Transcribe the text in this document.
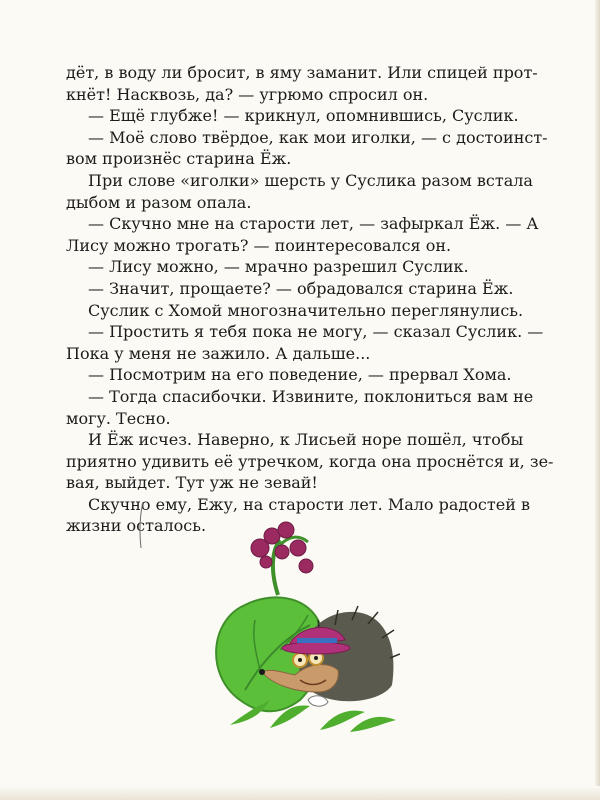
дёт, в воду ли бросит, в яму заманит. Или спицей прот-
кнёт! Насквозь, да? — угрюмо спросил он.

— Ещё глубже! — крикнул, опомнившись, Суслик.

— Моё слово твёрдое, как мои иголки, — с достоинст-
вом произнёс старина Ёж.

При слове «иголки» шерсть у Суслика разом встала
дыбом и разом опала.

— Скучно мне на старости лет, — зафыркал Ёж. — А
Лису можно трогать? — поинтересовался он.

— Лису можно, — мрачно разрешил Суслик.

— Значит, прощаете? — обрадовался старина Ёж.

Суслик с Хомой многозначительно переглянулись.

— Простить я тебя пока не могу, — сказал Суслик. —
Пока у меня не зажило. А дальше...

— Посмотрим на его поведение, — прервал Хома.

— Тогда спасибочки. Извините, поклониться вам не
могу. Тесно.

И Ёж исчез. Наверно, к Лисьей норе пошёл, чтобы
приятно удивить её утречком, когда она проснётся и, зе-
вая, выйдет. Тут уж не зевай!

Скучно ему, Ежу, на старости лет. Мало радостей в
жизни осталось.
